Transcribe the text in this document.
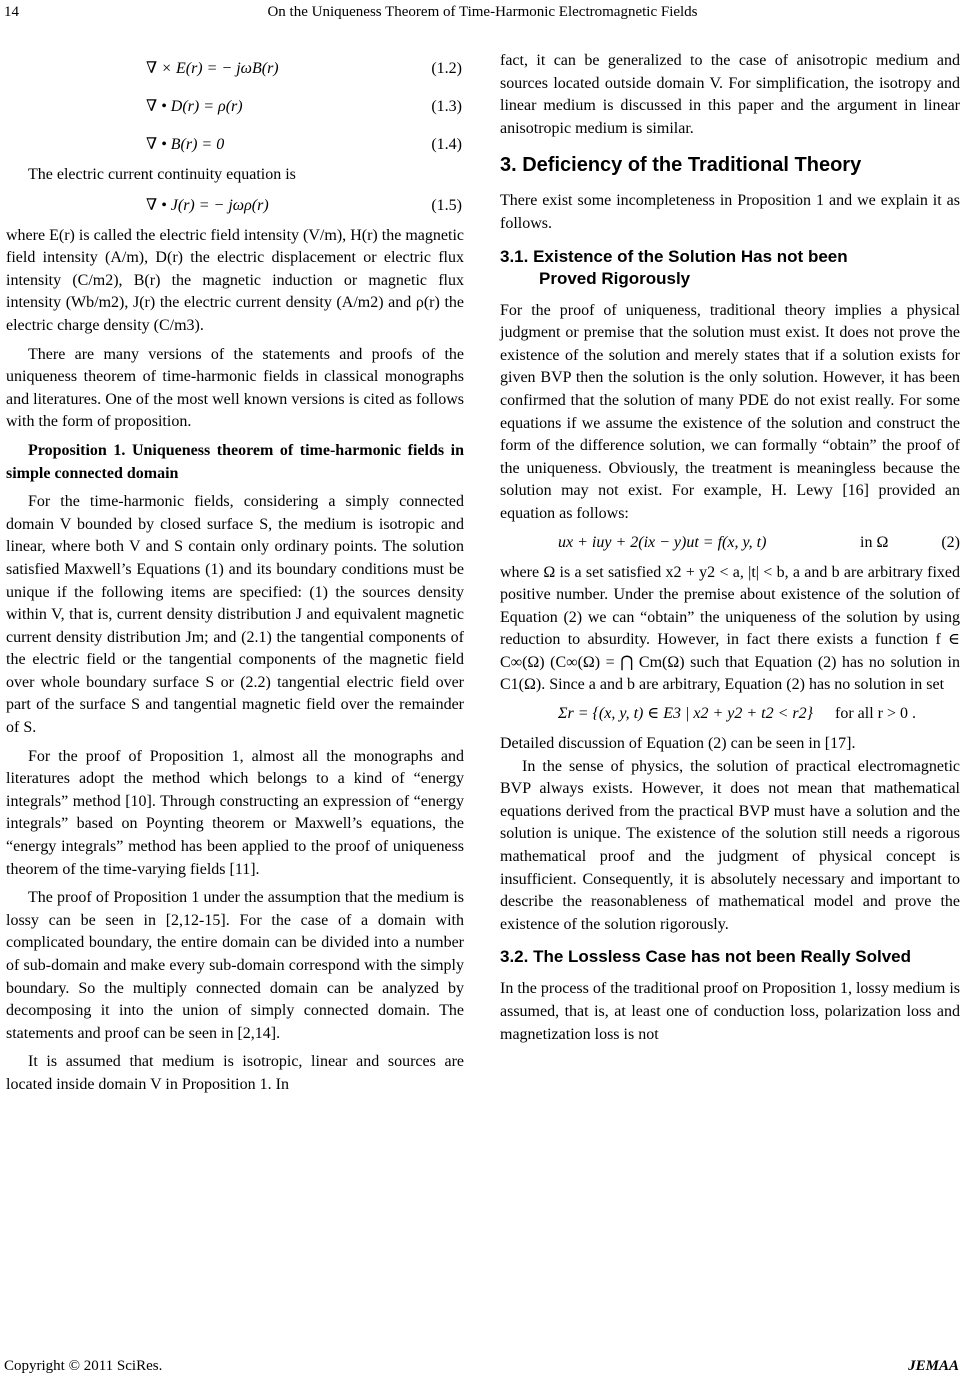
14	On the Uniqueness Theorem of Time-Harmonic Electromagnetic Fields
∇ × E(r) = − jωB(r)	(1.2)
∇ • D(r) = ρ(r)	(1.3)
∇ • B(r) = 0	(1.4)

The electric current continuity equation is

∇ • J(r) = − jωρ(r)	(1.5)

where E(r) is called the electric field intensity (V/m), H(r) the magnetic field intensity (A/m), D(r) the electric displacement or electric flux intensity (C/m2), B(r) the magnetic induction or magnetic flux intensity (Wb/m2), J(r) the electric current density (A/m2) and ρ(r) the electric charge density (C/m3).

There are many versions of the statements and proofs of the uniqueness theorem of time-harmonic fields in classical monographs and literatures. One of the most well known versions is cited as follows with the form of proposition.

Proposition 1. Uniqueness theorem of time-harmonic fields in simple connected domain

For the time-harmonic fields, considering a simply connected domain V bounded by closed surface S, the medium is isotropic and linear, where both V and S contain only ordinary points. The solution satisfied Maxwell’s Equations (1) and its boundary conditions must be unique if the following items are specified: (1) the sources density within V, that is, current density distribution J and equivalent magnetic current density distribution Jm; and (2.1) the tangential components of the electric field or the tangential components of the magnetic field over whole boundary surface S or (2.2) tangential electric field over part of the surface S and tangential magnetic field over the remainder of S.

For the proof of Proposition 1, almost all the monographs and literatures adopt the method which belongs to a kind of “energy integrals” method [10]. Through constructing an expression of “energy integrals” based on Poynting theorem or Maxwell’s equations, the “energy integrals” method has been applied to the proof of uniqueness theorem of the time-varying fields [11].

The proof of Proposition 1 under the assumption that the medium is lossy can be seen in [2,12-15]. For the case of a domain with complicated boundary, the entire domain can be divided into a number of sub-domain and make every sub-domain correspond with the simply boundary. So the multiply connected domain can be analyzed by decomposing it into the union of simply connected domain. The statements and proof can be seen in [2,14].

It is assumed that medium is isotropic, linear and sources are located inside domain V in Proposition 1. In

fact, it can be generalized to the case of anisotropic medium and sources located outside domain V. For simplification, the isotropy and linear medium is discussed in this paper and the argument in linear anisotropic medium is similar.

3. Deficiency of the Traditional Theory

There exist some incompleteness in Proposition 1 and we explain it as follows.

3.1. Existence of the Solution Has not been
Proved Rigorously

For the proof of uniqueness, traditional theory implies a physical judgment or premise that the solution must exist. It does not prove the existence of the solution and merely states that if a solution exists for given BVP then the solution is the only solution. However, it has been confirmed that the solution of many PDE do not exist really. For some equations if we assume the existence of the solution and construct the form of the difference solution, we can formally “obtain” the proof of the uniqueness. Obviously, the treatment is meaningless because the solution may not exist. For example, H. Lewy [16] provided an equation as follows:

ux + iuy + 2(ix − y)ut = f(x, y, t)	in Ω	(2)

where Ω is a set satisfied x2 + y2 < a, |t| < b, a and b are arbitrary fixed positive number. Under the premise about existence of the solution of Equation (2) we can “obtain” the uniqueness of the solution by using reduction to absurdity. However, in fact there exists a function f ∈ C∞(Ω) (C∞(Ω) = ⋂ Cm(Ω) such that Equation (2) has no solution in C1(Ω). Since a and b are arbitrary, Equation (2) has no solution in set

Σr = {(x, y, t) ∈ E3 | x2 + y2 + t2 < r2} for all r > 0 .

Detailed discussion of Equation (2) can be seen in [17].

In the sense of physics, the solution of practical electromagnetic BVP always exists. However, it does not mean that mathematical equations derived from the practical BVP must have a solution and the solution is unique. The existence of the solution still needs a rigorous mathematical proof and the judgment of physical concept is insufficient. Consequently, it is absolutely necessary and important to describe the reasonableness of mathematical model and prove the existence of the solution rigorously.

3.2. The Lossless Case has not been Really Solved

In the process of the traditional proof on Proposition 1, lossy medium is assumed, that is, at least one of conduction loss, polarization loss and magnetization loss is not

Copyright © 2011 SciRes.	JEMAA
